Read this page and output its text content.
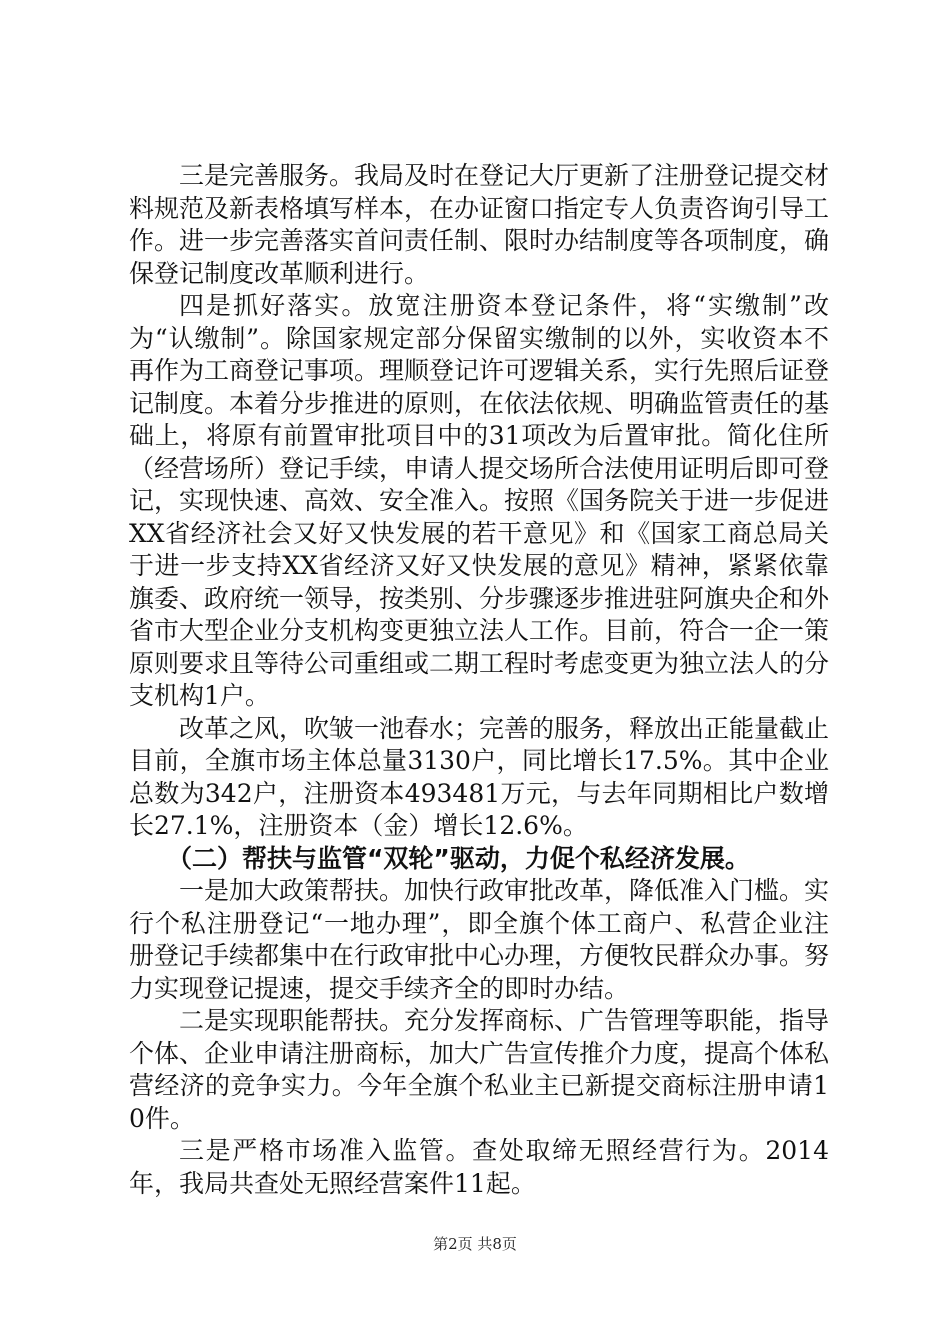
三是完善服务。我局及时在登记大厅更新了注册登记提交材料规范及新表格填写样本，在办证窗口指定专人负责咨询引导工作。进一步完善落实首问责任制、限时办结制度等各项制度，确保登记制度改革顺利进行。

四是抓好落实。放宽注册资本登记条件，将“实缴制”改为“认缴制”。除国家规定部分保留实缴制的以外，实收资本不再作为工商登记事项。理顺登记许可逻辑关系，实行先照后证登记制度。本着分步推进的原则，在依法依规、明确监管责任的基础上，将原有前置审批项目中的31项改为后置审批。简化住所（经营场所）登记手续，申请人提交场所合法使用证明后即可登记，实现快速、高效、安全准入。按照《国务院关于进一步促进XX省经济社会又好又快发展的若干意见》和《国家工商总局关于进一步支持XX省经济又好又快发展的意见》精神，紧紧依靠旗委、政府统一领导，按类别、分步骤逐步推进驻阿旗央企和外省市大型企业分支机构变更独立法人工作。目前，符合一企一策原则要求且等待公司重组或二期工程时考虑变更为独立法人的分支机构1户。

改革之风，吹皱一池春水；完善的服务，释放出正能量截止目前，全旗市场主体总量3130户，同比增长17.5%。其中企业总数为342户，注册资本493481万元，与去年同期相比户数增长27.1%，注册资本（金）增长12.6%。

（二）帮扶与监管“双轮”驱动，力促个私经济发展。

一是加大政策帮扶。加快行政审批改革，降低准入门槛。实行个私注册登记“一地办理”，即全旗个体工商户、私营企业注册登记手续都集中在行政审批中心办理，方便牧民群众办事。努力实现登记提速，提交手续齐全的即时办结。

二是实现职能帮扶。充分发挥商标、广告管理等职能，指导个体、企业申请注册商标，加大广告宣传推介力度，提高个体私营经济的竞争实力。今年全旗个私业主已新提交商标注册申请10件。

三是严格市场准入监管。查处取缔无照经营行为。2014年，我局共查处无照经营案件11起。

第2页 共8页
